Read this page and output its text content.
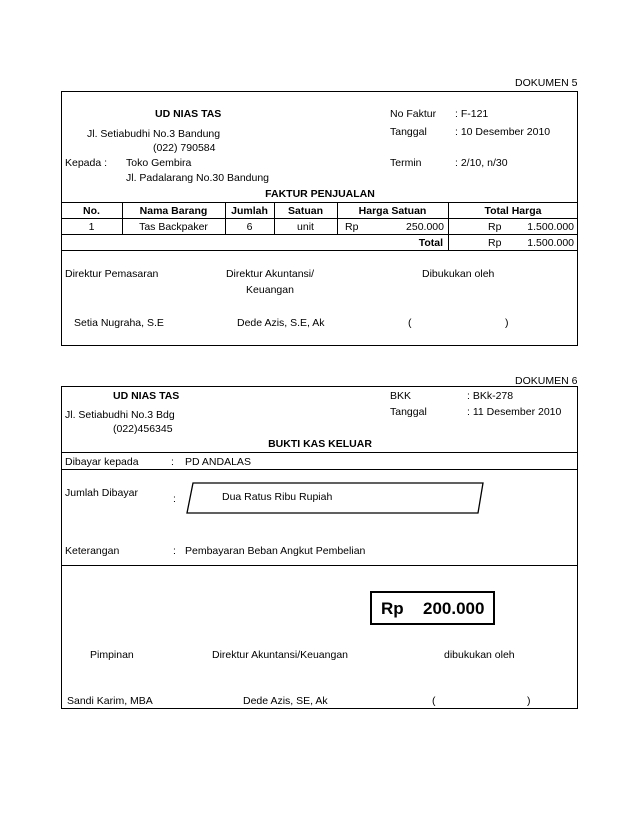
DOKUMEN 5
UD NIAS TAS
Jl. Setiabudhi No.3 Bandung
(022) 790584
Kepada : Toko Gembira
Jl. Padalarang No.30 Bandung
No Faktur : F-121
Tanggal	: 10 Desember 2010
Termin	: 2/10, n/30
FAKTUR PENJUALAN
No.	Nama Barang	Jumlah	Satuan	Harga Satuan	Total Harga
1	Tas Backpaker	6	unit	Rp	250.000	Rp	1.500.000
Total	Rp	1.500.000
Direktur Pemasaran	Direktur Akuntansi/
Keuangan
Dibukukan oleh
Setia Nugraha, S.E	Dede Azis, S.E, Ak	(	)
DOKUMEN 6
UD NIAS TAS
Jl. Setiabudhi No.3 Bdg
(022)456345
BKK	: BKk-278
Tanggal	: 11 Desember 2010
BUKTI KAS KELUAR
Dibayar kepada	: PD ANDALAS
Jumlah Dibayar	:	Dua Ratus Ribu Rupiah
Keterangan	: Pembayaran Beban Angkut Pembelian
Rp 200.000
Pimpinan	Direktur Akuntansi/Keuangan	dibukukan oleh
Sandi Karim, MBA	Dede Azis, SE, Ak	(	)
